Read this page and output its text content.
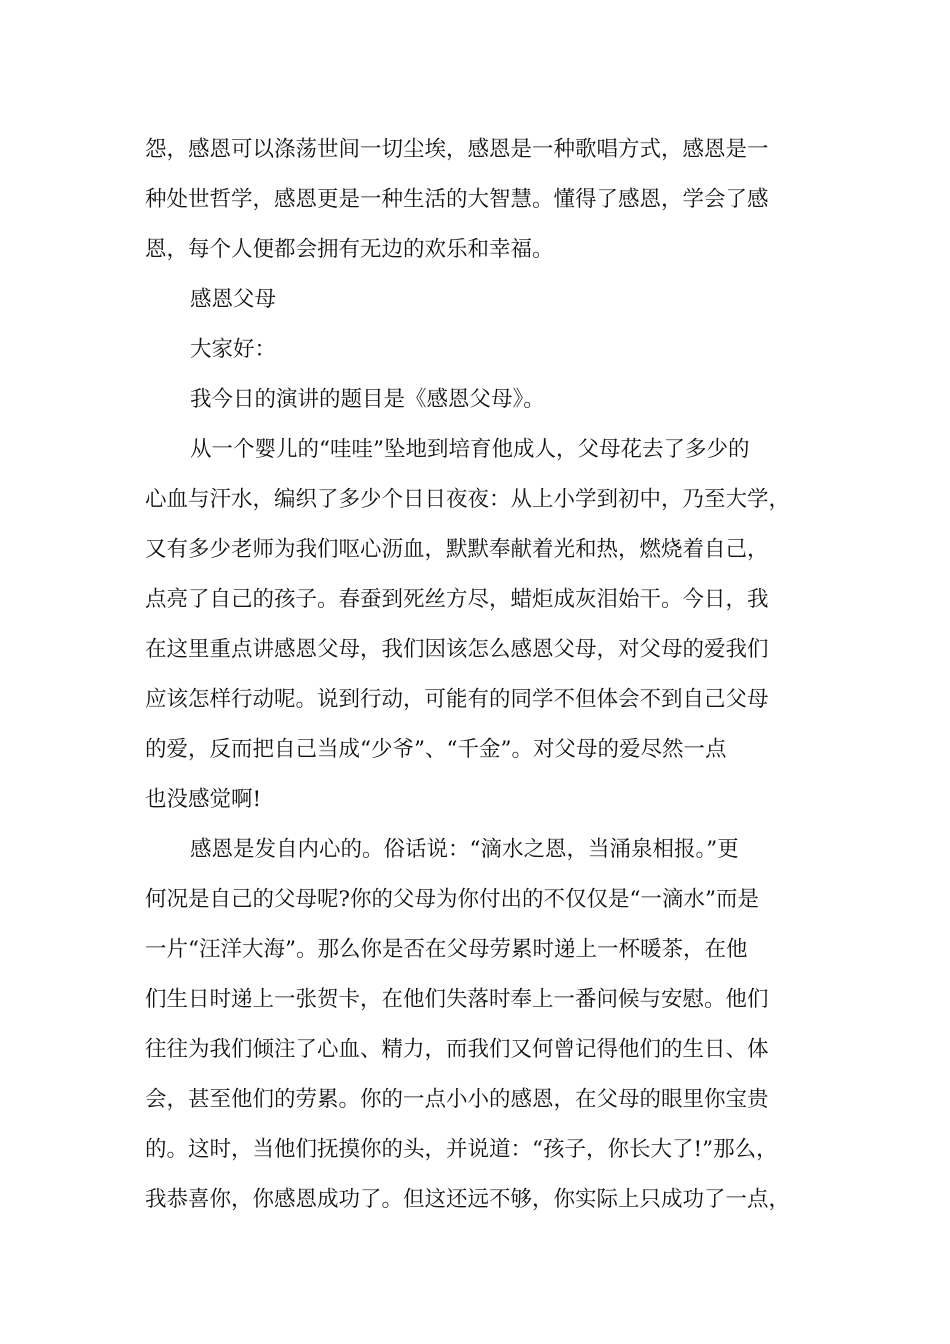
怨，感恩可以涤荡世间一切尘埃，感恩是一种歌唱方式，感恩是一
种处世哲学，感恩更是一种生活的大智慧。懂得了感恩，学会了感
恩，每个人便都会拥有无边的欢乐和幸福。
感恩父母
大家好：
我今日的演讲的题目是《感恩父母》。
从一个婴儿的“哇哇”坠地到培育他成人，父母花去了多少的
心血与汗水，编织了多少个日日夜夜：从上小学到初中，乃至大学，
又有多少老师为我们呕心沥血，默默奉献着光和热，燃烧着自己，
点亮了自己的孩子。春蚕到死丝方尽，蜡炬成灰泪始干。今日，我
在这里重点讲感恩父母，我们因该怎么感恩父母，对父母的爱我们
应该怎样行动呢。说到行动，可能有的同学不但体会不到自己父母
的爱，反而把自己当成“少爷”、“千金”。对父母的爱尽然一点
也没感觉啊!
感恩是发自内心的。俗话说：“滴水之恩，当涌泉相报。”更
何况是自己的父母呢?你的父母为你付出的不仅仅是“一滴水”而是
一片“汪洋大海”。那么你是否在父母劳累时递上一杯暖茶，在他
们生日时递上一张贺卡，在他们失落时奉上一番问候与安慰。他们
往往为我们倾注了心血、精力，而我们又何曾记得他们的生日、体
会，甚至他们的劳累。你的一点小小的感恩，在父母的眼里你宝贵
的。这时，当他们抚摸你的头，并说道：“孩子，你长大了!”那么，
我恭喜你，你感恩成功了。但这还远不够，你实际上只成功了一点，
